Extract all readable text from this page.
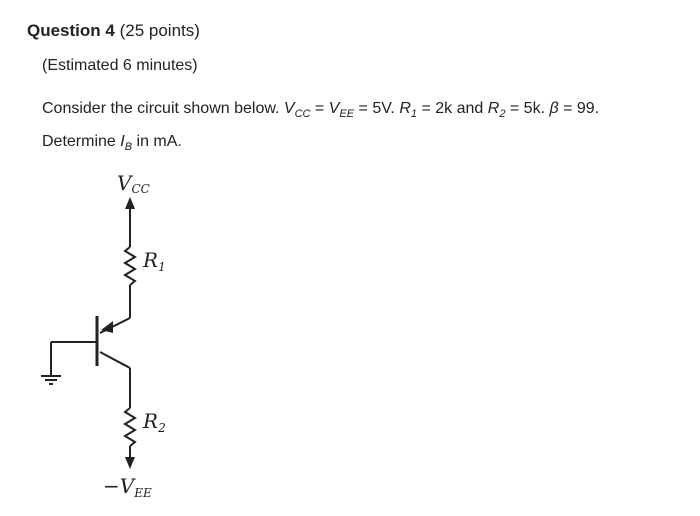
Question 4 (25 points)
(Estimated 6 minutes)
Consider the circuit shown below. $V_{CC} = V_{EE} = 5V$. $R_1 = 2k$ and $R_2 = 5k$. β = 99.
Determine $I_B$ in mA.
VCC
$R_1$
$R_2$
$-V_{EE}$
